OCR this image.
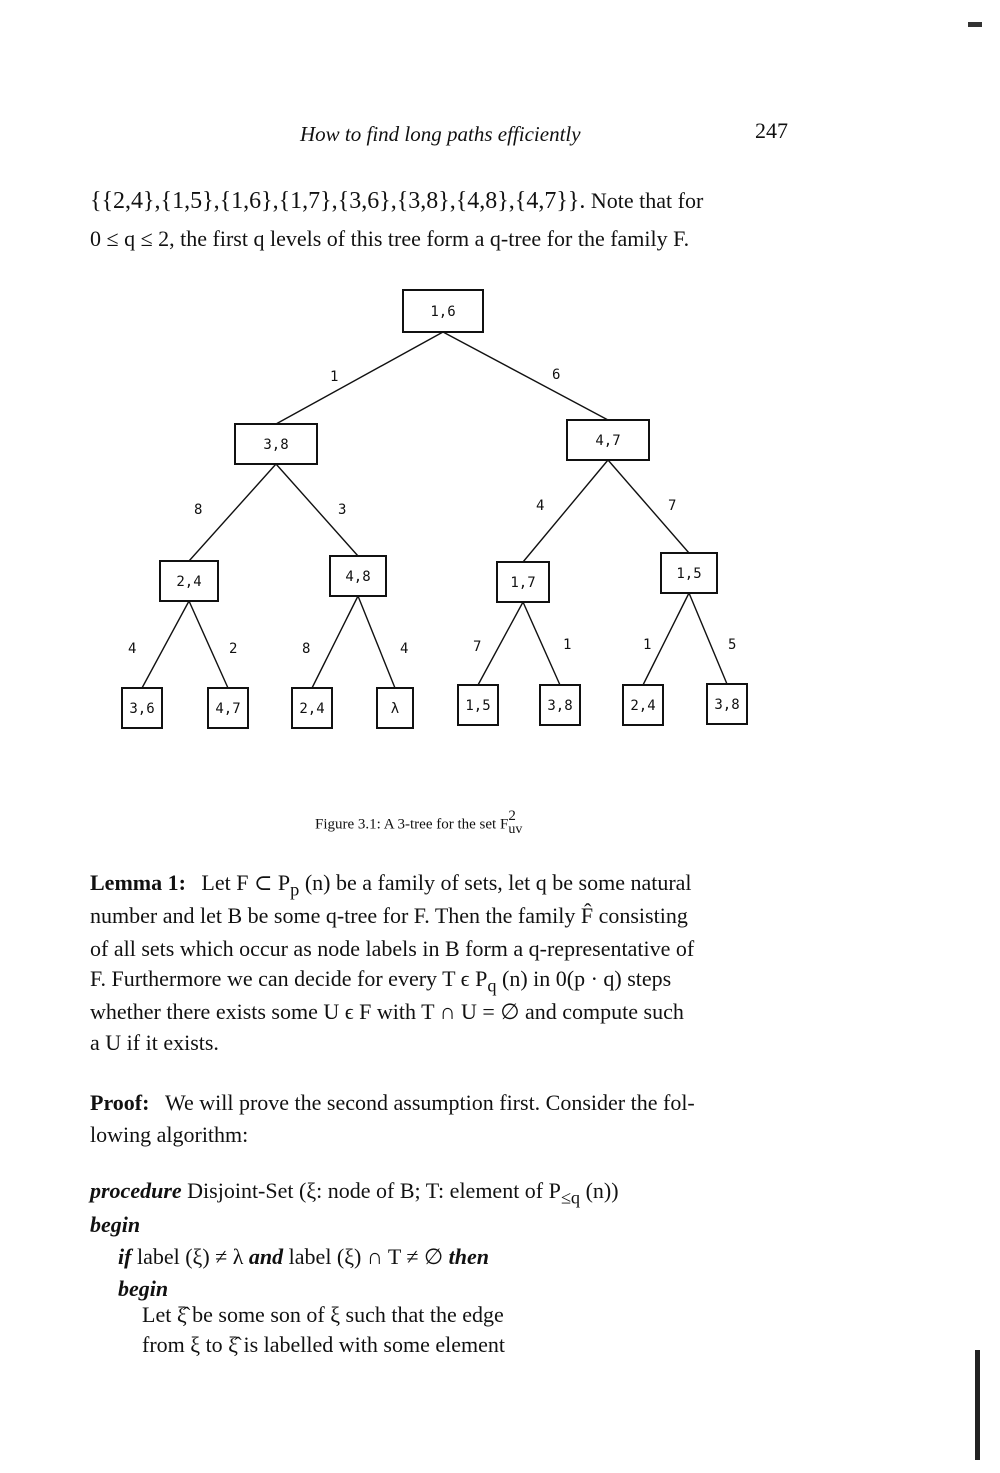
How to find long paths efficiently	247
{{2,4},{1,5},{1,6},{1,7},{3,6},{3,8},{4,8},{4,7}}. Note that for
0 ≤ q ≤ 2, the first q levels of this tree form a q-tree for the family F.
1	6
8	3	4	7
4	2	8	4	7	1	1	5
1,6
3,8	4,7
2,4	4,8	1,7
1,5
3,6	4,7	2,4	λ	1,5	3,8	2,4	3,8
Figure 3.1: A 3-tree for the set F
2
uv
Lemma 1: Let F ⊂ $P_p$ (n) be a family of sets, let q be some natural
number and let B be some q-tree for F. Then the family F̂ consisting
of all sets which occur as node labels in B form a q-representative of
F. Furthermore we can decide for every T ϵ $P_q$ (n) in 0(p · q) steps
whether there exists some U ϵ F with T ∩ U = ∅ and compute such
a U if it exists.
Proof: We will prove the second assumption first. Consider the fol-
lowing algorithm:
procedure Disjoint-Set (ξ: node of B; T: element of $P_{\le q}$ (n))
begin
if label (ξ) ≠ λ and label (ξ) ∩ T ≠ ∅ then
begin
Let ξ̂ be some son of ξ such that the edge
from ξ to ξ̂ is labelled with some element
